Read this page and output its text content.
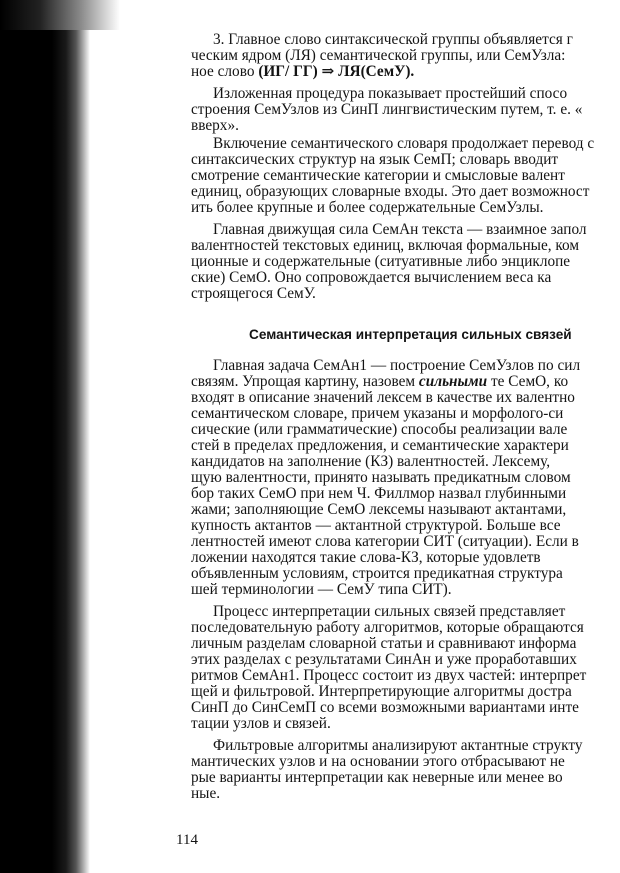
3. Главное слово синтаксической группы объявляется г
ческим ядром (ЛЯ) семантической группы, или СемУзла:
ное слово (ИГ/ ГГ) ⇒ ЛЯ(СемУ).
Изложенная процедура показывает простейший спосо
строения СемУзлов из СинП лингвистическим путем, т. е. «
вверх».
Включение семантического словаря продолжает перевод с
синтаксических структур на язык СемП; словарь вводит
смотрение семантические категории и смысловые валент
единиц, образующих словарные входы. Это дает возможност
ить более крупные и более содержательные СемУзлы.
Главная движущая сила СемАн текста — взаимное запол
валентностей текстовых единиц, включая формальные, ком
ционные и содержательные (ситуативные либо энциклопе
ские) СемО. Оно сопровождается вычислением веса ка
строящегося СемУ.
Семантическая интерпретация сильных связей
Главная задача СемАн1 — построение СемУзлов по сил
связям. Упрощая картину, назовем сильными те СемО, ко
входят в описание значений лексем в качестве их валентно
семантическом словаре, причем указаны и морфолого-си
сические (или грамматические) способы реализации вале
стей в пределах предложения, и семантические характери
кандидатов на заполнение (КЗ) валентностей. Лексему,
щую валентности, принято называть предикатным словом
бор таких СемО при нем Ч. Филлмор назвал глубинными
жами; заполняющие СемО лексемы называют актантами,
купность актантов — актантной структурой. Больше все
лентностей имеют слова категории СИТ (ситуации). Если в
ложении находятся такие слова-КЗ, которые удовлетв
объявленным условиям, строится предикатная структура
шей терминологии — СемУ типа СИТ).
Процесс интерпретации сильных связей представляет
последовательную работу алгоритмов, которые обращаются
личным разделам словарной статьи и сравнивают информа
этих разделах с результатами СинАн и уже проработавших
ритмов СемАн1. Процесс состоит из двух частей: интерпрет
щей и фильтровой. Интерпретирующие алгоритмы достра
СинП до СинСемП со всеми возможными вариантами инте
тации узлов и связей.
Фильтровые алгоритмы анализируют актантные структу
мантических узлов и на основании этого отбрасывают не
рые варианты интерпретации как неверные или менее во
ные.
114
